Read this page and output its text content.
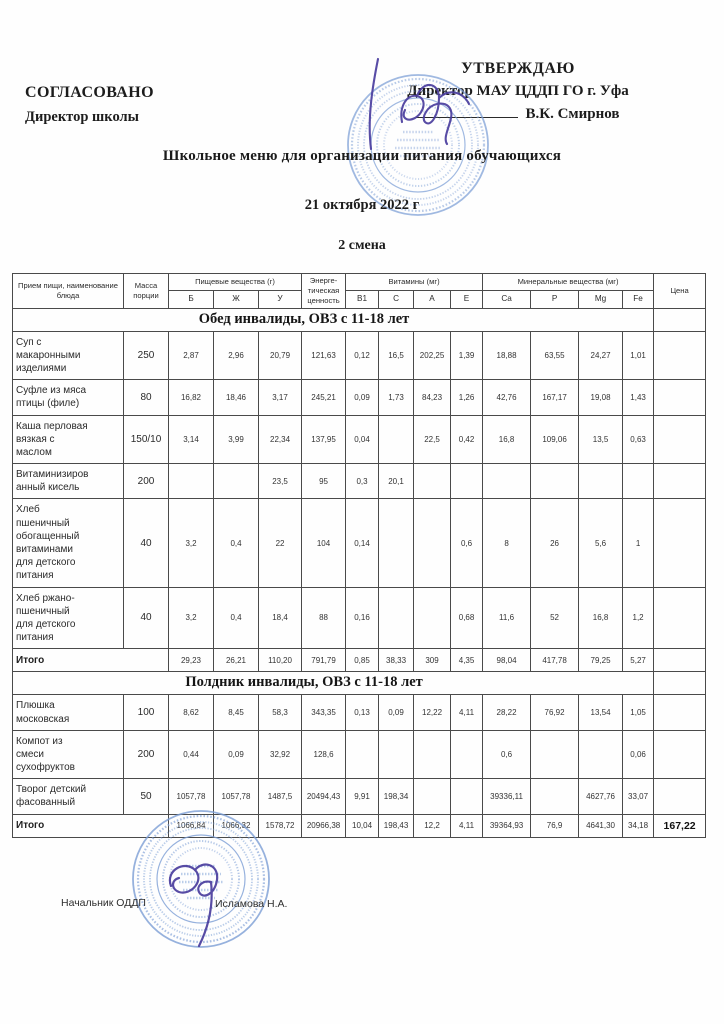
СОГЛАСОВАНО
Директор школы
УТВЕРЖДАЮ
Директор МАУ ЦДДП ГО г. Уфа
В.К. Смирнов
Школьное меню для организации питания обучающихся
21 октября 2022 г
2 смена
Прием пищи, наименование блюда	Масса порции	Пищевые вещества (г)			Энерге-тическая ценность	Витамины (мг)				Минеральные вещества (мг)				Цена
		Б	Ж	У		В1	С	А	Е	Ca	P	Mg	Fe	
Обед инвалиды, ОВЗ с 11-18 лет														
Суп с макаронными изделиями	250	2,87	2,96	20,79	121,63	0,12	16,5	202,25	1,39	18,88	63,55	24,27	1,01	
Суфле из мяса птицы (филе)	80	16,82	18,46	3,17	245,21	0,09	1,73	84,23	1,26	42,76	167,17	19,08	1,43	
Каша перловая вязкая с маслом	150/10	3,14	3,99	22,34	137,95	0,04		22,5	0,42	16,8	109,06	13,5	0,63	
Витаминизированный кисель	200			23,5	95	0,3	20,1							
Хлеб пшеничный обогащенный витаминами для детского питания	40	3,2	0,4	22	104	0,14			0,6	8	26	5,6	1	
Хлеб ржано-пшеничный для детского питания	40	3,2	0,4	18,4	88	0,16			0,68	11,6	52	16,8	1,2	
Итого		29,23	26,21	110,20	791,79	0,85	38,33	309	4,35	98,04	417,78	79,25	5,27	
Полдник инвалиды, ОВЗ с 11-18 лет														
Плюшка московская	100	8,62	8,45	58,3	343,35	0,13	0,09	12,22	4,11	28,22	76,92	13,54	1,05	
Компот из смеси сухофруктов	200	0,44	0,09	32,92	128,6					0,6			0,06	
Творог детский фасованный	50	1057,78	1057,78	1487,5	20494,43	9,91	198,34			39336,11		4627,76	33,07	
Итого		1066,84	1066,32	1578,72	20966,38	10,04	198,43	12,2	4,11	39364,93	76,9	4641,30	34,18	167,22
Начальник ОДДП	Исламова Н.А.
